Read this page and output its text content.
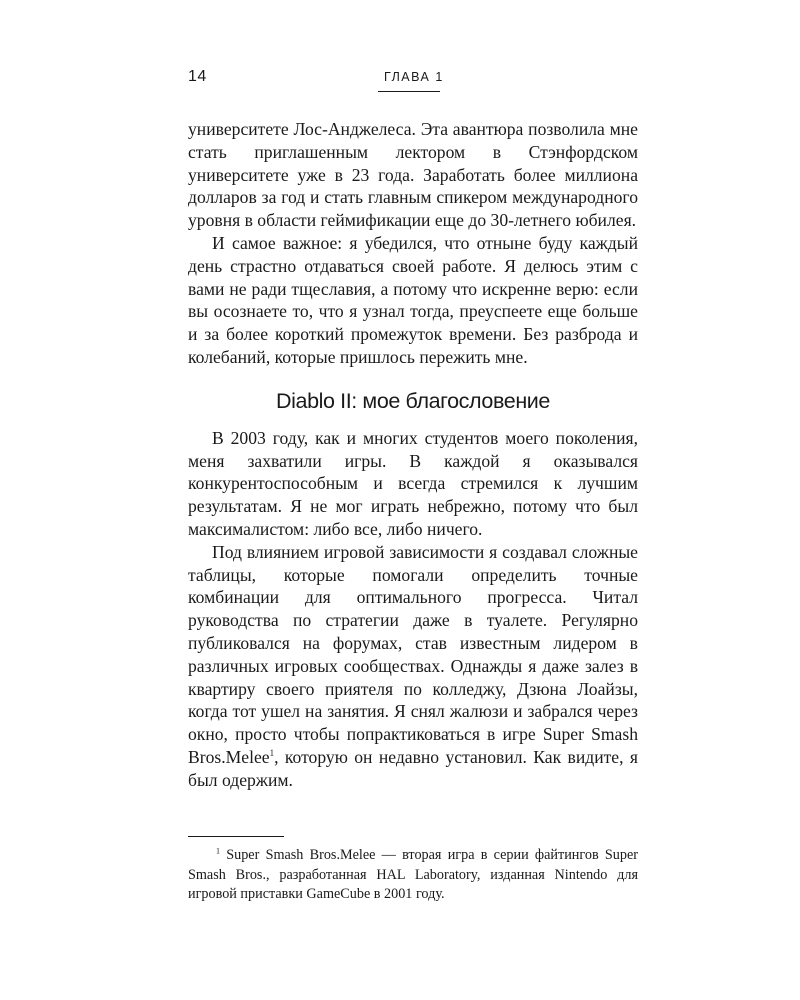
14	ГЛАВА 1

университете Лос-Анджелеса. Эта авантюра позволила мне стать приглашенным лектором в Стэнфордском университете уже в 23 года. Заработать более миллиона долларов за год и стать главным спикером международного уровня в области геймификации еще до 30-летнего юбилея.

И самое важное: я убедился, что отныне буду каждый день страстно отдаваться своей работе. Я делюсь этим с вами не ради тщеславия, а потому что искренне верю: если вы осознаете то, что я узнал тогда, преуспеете еще больше и за более короткий промежуток времени. Без разброда и колебаний, которые пришлось пережить мне.

Diablo II: мое благословение

В 2003 году, как и многих студентов моего поколения, меня захватили игры. В каждой я оказывался конкурентоспособным и всегда стремился к лучшим результатам. Я не мог играть небрежно, потому что был максималистом: либо все, либо ничего.

Под влиянием игровой зависимости я создавал сложные таблицы, которые помогали определить точные комбинации для оптимального прогресса. Читал руководства по стратегии даже в туалете. Регулярно публиковался на форумах, став известным лидером в различных игровых сообществах. Однажды я даже залез в квартиру своего приятеля по колледжу, Дзюна Лоайзы, когда тот ушел на занятия. Я снял жалюзи и забрался через окно, просто чтобы попрактиковаться в игре Super Smash Bros.Melee$^1$, которую он недавно установил. Как видите, я был одержим.

$^1$ Super Smash Bros.Melee — вторая игра в серии файтингов Super Smash Bros., разработанная HAL Laboratory, изданная Nintendo для игровой приставки GameCube в 2001 году.
